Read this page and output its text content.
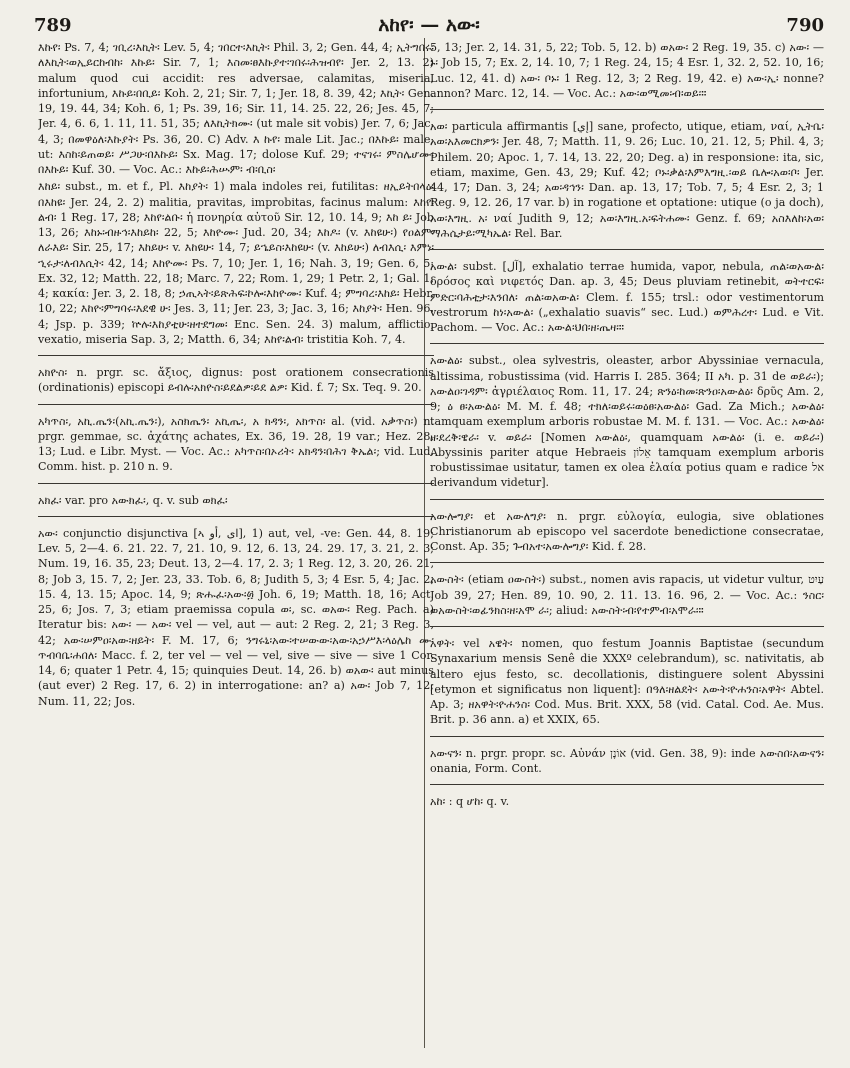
789	አከየ፡ — አው፡	790

እኩየ፡ Ps. 7, 4; ገቢረ፡እኪት፡ Lev. 5, 4; ገበርተ፡እኪት፡ Phil. 3, 2; Gen. 44, 4; ኢትግበሩ፡ለእኪት፡ወኢይርከብከ፡ እኩይ፡ Sir. 7, 1; እስመ፡ፀእኩያተ፡ገበሩ፡ሕዝብየ፡ Jer. 2, 13. 2) malum quod cui accidit: res adversae, calamitas, miseria, infortunium, እኩይ፡በቢይ፡ Koh. 2, 21; Sir. 7, 1; Jer. 18, 8. 39, 42; እኪት፡ Gen. 19, 19. 44, 34; Koh. 6, 1; Ps. 39, 16; Sir. 11, 14. 25. 22, 26; Jes. 45, 7; Jer. 4, 6. 6, 1. 11, 11. 51, 35; ለእኪትክሙ፡ (ut male sit vobis) Jer. 7, 6; Jac. 4, 3; በመዋዕለ፡እኩያት፡ Ps. 36, 20. C) Adv. እ ኩየ፡ male Lit. Jac.; በእኩይ፡ male, ut: እስከ፡ይጠወይ፡ ሥጋሁ፡በእኩይ፡ Sx. Mag. 17; dolose Kuf. 29; ተናገሩ፡ ምስሌሆሙ፡በእኩይ፡ Kuf. 30. — Voc. Ac.: እኩይ፡ሕሡም፡ ብ፡ቢስ፡

እከይ፡ subst., m. et f., Pl. እከያት፡ 1) mala indoles rei, futilitas: ዘኢይትበላዕ፡በእከዩ፡ Jer. 24, 2. 2) malitia, pravitas, improbitas, facinus malum: እከየ፡ልብ፡ 1 Reg. 17, 28; እከየ፡ልቡ፡ ἡ πονηρία αὐτοῦ Sir. 12, 10. 14, 9; እከ ይ፡ Job 13, 26; እከኑ፡ብዙኅ፡እከይከ፡ 22, 5; እከዮሙ፡ Jud. 20, 34; እከዶ፡ (v. እከዩሁ፡) የዐልም፡ለራእይ፡ Sir. 25, 17; እከይሁ፡ v. እከዩሁ፡ 14, 7; ይኄይስ፡እከዩሁ፡ (v. እከይሁ፡) ለብእሲ፡ እምነ፡ኂሩታ፡ለብእሲት፡ 42, 14; እከዮሙ፡ Ps. 7, 10; Jer. 1, 16; Nah. 3, 19; Gen. 6, 5; Ex. 32, 12; Matth. 22, 18; Marc. 7, 22; Rom. 1, 29; 1 Petr. 2, 1; Gal. 1, 4; κακία: Jer. 3, 2. 18, 8; ኃጢኣት፡ይጽሕፍ፡ኮሎ፡እከዮሙ፡ Kuf. 4; ምግባረ፡እከይ፡ Hebr. 10, 22; እከዮ፡ምግባሩ፡እደዊ ሁ፡ Jes. 3, 11; Jer. 23, 3; Jac. 3, 16; እከያት፡ Hen. 96, 4; Jsp. p. 339; ኵሉ፡እከያቲሁ፡ዘተደግመ፡ Enc. Sen. 24. 3) malum, afflictio, vexatio, miseria Sap. 3, 2; Matth. 6, 34; እከየ፡ልብ፡ tristitia Koh. 7, 4.

አክዮስ፡ n. prgr. sc. ἄξιος, dignus: post orationem consecrationis (ordinationis) episcopi ይብሉ፡አክዮስ፡ይደልዎ፡ይደ ልዎ፡ Kid. f. 7; Sx. Teq. 9. 20.

አካጥስ፡, አኪ.ጤን፡(አኪ.ጤን፡), አስክጤን፡ አኪጤ፡, አ ክዳን፡, አክጥስ፡ al. (vid. አቃጥስ፡) n. prgr. gemmae, sc. ἀχάτης achates, Ex. 36, 19. 28, 19 var.; Hez. 28, 13; Lud. e Libr. Myst. — Voc. Ac.: አካጥስ፡በኦሪት፡ አክዳን፡በሕገ ቅኤል፡; vid. Lud. Comm. hist. p. 210 n. 9.

አክፈ፡ var. pro አውክፈ፡, q. v. sub ወክፈ፡

አው፡ conjunctio disjunctiva [ኣ ای ,أو], 1) aut, vel, -ve: Gen. 44, 8. 19; Lev. 5, 2—4. 6. 21. 22. 7, 21. 10, 9. 12, 6. 13, 24. 29. 17, 3. 21, 2. 3; Num. 19, 16. 35, 23; Deut. 13, 2—4. 17, 2. 3; 1 Reg. 12, 3. 20, 26. 21, 8; Job 3, 15. 7, 2; Jer. 23, 33. Tob. 6, 8; Judith 5, 3; 4 Esr. 5, 4; Jac. 2, 15. 4, 13. 15; Apoc. 14, 9; ጽሑፈ፡አው፡፴ Joh. 6, 19; Matth. 18, 16; Act. 25, 6; Jos. 7, 3; etiam praemissa copula ወ፡, sc. ወአው፡ Reg. Pach. a) Iteratur bis: አው፡ — አው፡ vel — vel, aut — aut: 2 Reg. 2, 21; 3 Reg. 3, 42; አው፡ሠምዐ፡አው፡ዘይት፡ F. M. 17, 6; ንግሩኒ፡አው፡ተሠውው፡አው፡አኃሥእ፡ላዕሌከ ሙ፡ጥብባቤ፡ሐበለ፡ Macc. f. 2, ter vel — vel — vel, sive — sive — sive 1 Cor. 14, 6; quater 1 Petr. 4, 15; quinquies Deut. 14, 26. b) ወአው፡ aut minus (aut ever) 2 Reg. 17, 6. 2) in interrogatione: an? a) አው፡ Job 7, 12; Num. 11, 22; Jos.

5, 13; Jer. 2, 14. 31, 5, 22; Tob. 5, 12. b) ወአው፡ 2 Reg. 19, 35. c) አው፡ — ኑ፡ Job 15, 7; Ex. 2, 14. 10, 7; 1 Reg. 24, 15; 4 Esr. 1, 32. 2, 52. 10, 16; Luc. 12, 41. d) አው፡ ቦኑ፡ 1 Reg. 12, 3; 2 Reg. 19, 42. e) አው፡ኢ፡ nonne? annon? Marc. 12, 14. — Voc. Ac.: አው፡ወሚመ፡ብ፡ወይ፡።

አወ፡ particula affirmantis [إي] sane, profecto, utique, etiam, ναί, ኢትቤ፡አወ፡አእመርክዎን፡ Jer. 48, 7; Matth. 11, 9. 26; Luc. 10, 21. 12, 5; Phil. 4, 3; Philem. 20; Apoc. 1, 7. 14, 13. 22, 20; Deg. a) in responsione: ita, sic, etiam, maxime, Gen. 43, 29; Kuf. 42; ቦኑ፡ቃል፡እምእግዚ.፡ወይ ቤሎ፡አወ፡ቦ፡ Jer. 44, 17; Dan. 3, 24; አወ፡ዳኅን፡ Dan. ap. 13, 17; Tob. 7, 5; 4 Esr. 2, 3; 1 Reg. 9, 12. 26, 17 var. b) in rogatione et optatione: utique (o ja doch), አወ፡እግዚ. አ፡ ναί Judith 9, 12; አወ፡እግዚ.አ፡ፍትሐሙ፡ Genz. f. 69; አስእለከ፡አወ፡ማሕሴታይ፡ሚካኤል፡ Rel. Bar.

አውል፡ subst. [آل], exhalatio terrae humida, vapor, nebula, ጠል፡ወአውል፡ δρόσος καὶ νιφετός Dan. ap. 3, 45; Deus pluviam retinebit, ወትተርፍ፡ምድር፡ባሕቲታ፡እንበለ፡ ጠል፡ወአውል፡ Clem. f. 155; trsl.: odor vestimentorum vestrorum ከነ፡አውል፡ („exhalatio suavis“ sec. Lud.) ወምሕረተ፡ Lud. e Vit. Pachom. — Voc. Ac.: አውል፡ህበ፡ዘ፡ጤዛ፡።

አውልዕ፡ subst., olea sylvestris, oleaster, arbor Abyssiniae vernacula, altissima, robustissima (vid. Harris I. 285. 364; II አካ. p. 31 de ወይራ፡); አውልዐ፡ገዳም፡ ἀγριέλαιος Rom. 11, 17. 24; ጽንዕ፡ከመ፡ጽንዐ፡አውልዕ፡ δρῦς Am. 2, 9; ዕ ፀ፡አውልዕ፡ M. M. f. 48; ተክለ፡ወይሩ፡ወዕፀ፡አውልዕ፡ Gad. Za Mich.; አውልዕ፡ tamquam exemplum arboris robustae M. M. f. 131. — Voc. Ac.: አውልዕ፡ዘ፡ደረቅ፡ዌራ፡ v. ወይራ፡ [Nomen አውልዕ፡, quamquam አውልዕ፡ (i. e. ወይራ፡) Abyssinis pariter atque Hebraeis אֵלוֹן tamquam exemplum arboris robustissimae usitatur, tamen ex olea ἐλαία potius quam e radice אל derivandum videtur].

አውሎግያ፡ et አውለግያ፡ n. prgr. εὐλογία, eulogia, sive oblationes Christianorum ab episcopo vel sacerdote benedictione consecratae, Const. Ap. 35; ጉብአተ፡አውሎግያ፡ Kid. f. 28.

አውስት፡ (etiam ዐውስት፡) subst., nomen avis rapacis, ut videtur vultur, עַיִט Job 39, 27; Hen. 89, 10. 90, 2. 11. 13. 16. 96, 2. — Voc. Ac.: ንስር፡ወአውስት፡ወፊንክስ፡ዘ፡አሞ ራ፡; aliud: አውስት፡ብ፡የተምብ፡አሞራ፡።

አዋት፡ vel አዌት፡ nomen, quo festum Joannis Baptistae (secundum Synaxarium mensis Senê die XXXº celebrandum), sc. nativitatis, ab altero ejus festo, sc. decollationis, distinguere solent Abyssini [etymon et significatus non liquent]: በዓለ፡ዘልደት፡ አውት፡ዮሐንስ፡አዋት፡ Abtel. Ap. 3; ዘአዋት፡ዮሐንስ፡ Cod. Mus. Brit. XXX, 58 (vid. Catal. Cod. Ae. Mus. Brit. p. 36 ann. a) et XXIX, 65.

አውናን፡ n. prgr. propr. sc. Αὐνάν אוֹנָן (vid. Gen. 38, 9): inde አውስበ፡አውናን፡ onania, Form. Cont.

አከ፡ : q ሆከ፡ q. v.
